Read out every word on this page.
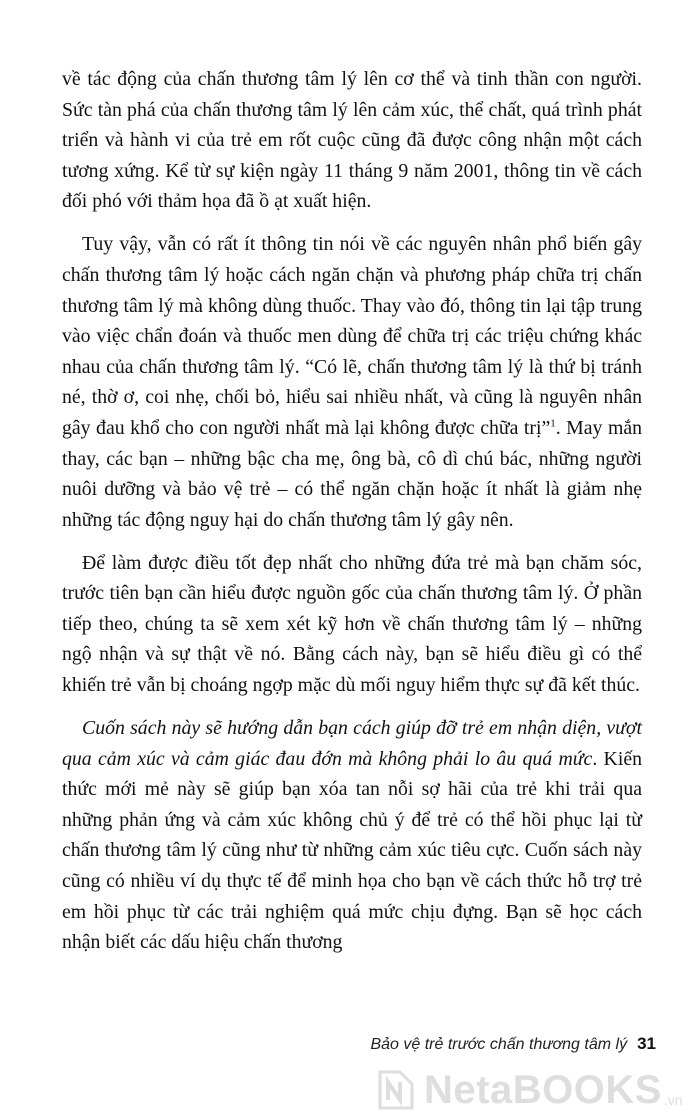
về tác động của chấn thương tâm lý lên cơ thể và tinh thần con người. Sức tàn phá của chấn thương tâm lý lên cảm xúc, thể chất, quá trình phát triển và hành vi của trẻ em rốt cuộc cũng đã được công nhận một cách tương xứng. Kể từ sự kiện ngày 11 tháng 9 năm 2001, thông tin về cách đối phó với thảm họa đã ồ ạt xuất hiện.

Tuy vậy, vẫn có rất ít thông tin nói về các nguyên nhân phổ biến gây chấn thương tâm lý hoặc cách ngăn chặn và phương pháp chữa trị chấn thương tâm lý mà không dùng thuốc. Thay vào đó, thông tin lại tập trung vào việc chẩn đoán và thuốc men dùng để chữa trị các triệu chứng khác nhau của chấn thương tâm lý. “Có lẽ, chấn thương tâm lý là thứ bị tránh né, thờ ơ, coi nhẹ, chối bỏ, hiểu sai nhiều nhất, và cũng là nguyên nhân gây đau khổ cho con người nhất mà lại không được chữa trị”$^1$. May mắn thay, các bạn – những bậc cha mẹ, ông bà, cô dì chú bác, những người nuôi dưỡng và bảo vệ trẻ – có thể ngăn chặn hoặc ít nhất là giảm nhẹ những tác động nguy hại do chấn thương tâm lý gây nên.

Để làm được điều tốt đẹp nhất cho những đứa trẻ mà bạn chăm sóc, trước tiên bạn cần hiểu được nguồn gốc của chấn thương tâm lý. Ở phần tiếp theo, chúng ta sẽ xem xét kỹ hơn về chấn thương tâm lý – những ngộ nhận và sự thật về nó. Bằng cách này, bạn sẽ hiểu điều gì có thể khiến trẻ vẫn bị choáng ngợp mặc dù mối nguy hiểm thực sự đã kết thúc.

Cuốn sách này sẽ hướng dẫn bạn cách giúp đỡ trẻ em nhận diện, vượt qua cảm xúc và cảm giác đau đớn mà không phải lo âu quá mức. Kiến thức mới mẻ này sẽ giúp bạn xóa tan nỗi sợ hãi của trẻ khi trải qua những phản ứng và cảm xúc không chủ ý để trẻ có thể hồi phục lại từ chấn thương tâm lý cũng như từ những cảm xúc tiêu cực. Cuốn sách này cũng có nhiều ví dụ thực tế để minh họa cho bạn về cách thức hỗ trợ trẻ em hồi phục từ các trải nghiệm quá mức chịu đựng. Bạn sẽ học cách nhận biết các dấu hiệu chấn thương

Bảo vệ trẻ trước chấn thương tâm lý 31
NetaBOOKS .vn
